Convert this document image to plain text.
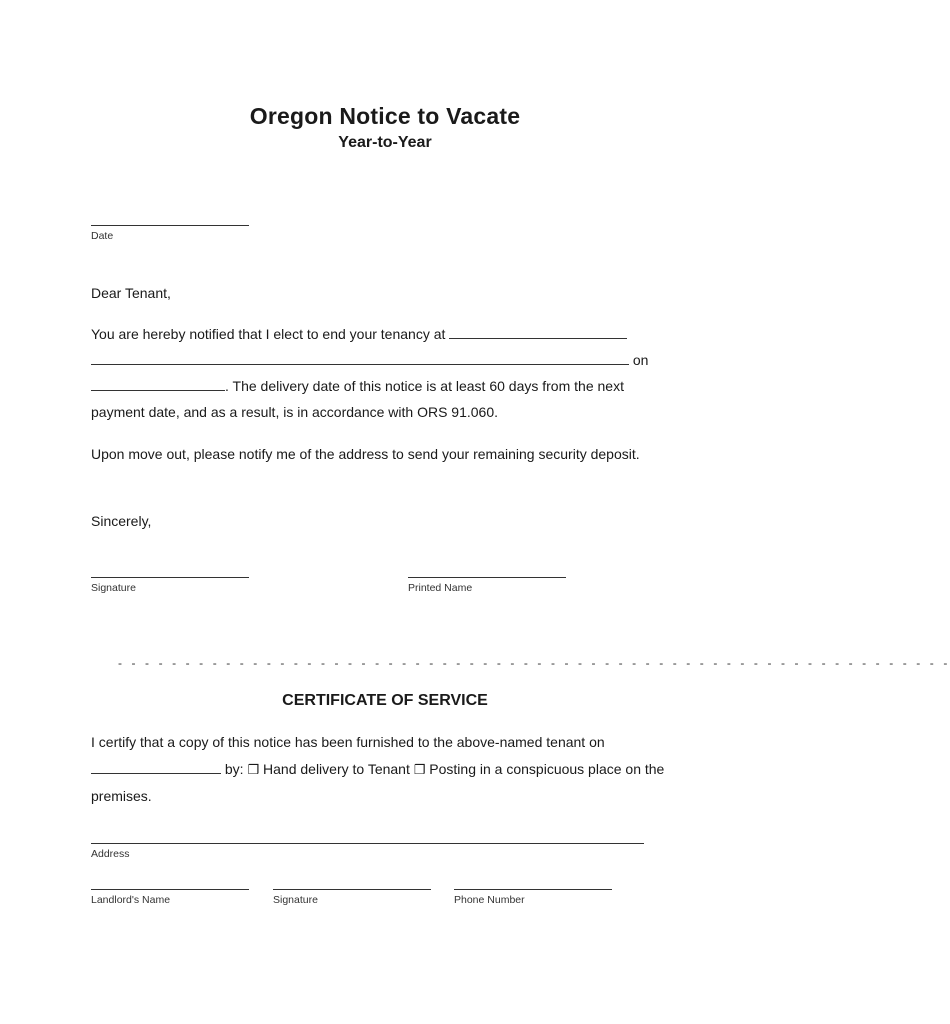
Oregon Notice to Vacate
Year-to-Year
Date
Dear Tenant,
You are hereby notified that I elect to end your tenancy at   on . The delivery date of this notice is at least 60 days from the next payment date, and as a result, is in accordance with ORS 91.060.
Upon move out, please notify me of the address to send your remaining security deposit.
Sincerely,
Signature	Printed Name
- - - - - - - - - - - - - - - - - - - - - - - - - - - - - - - - - - - - - - - - - - - - - - - - - - - - - - - - - - - - - -
CERTIFICATE OF SERVICE
I certify that a copy of this notice has been furnished to the above-named tenant on  by: ❒ Hand delivery to Tenant ❒ Posting in a conspicuous place on the premises.
Address
Landlord's Name	Signature	Phone Number
